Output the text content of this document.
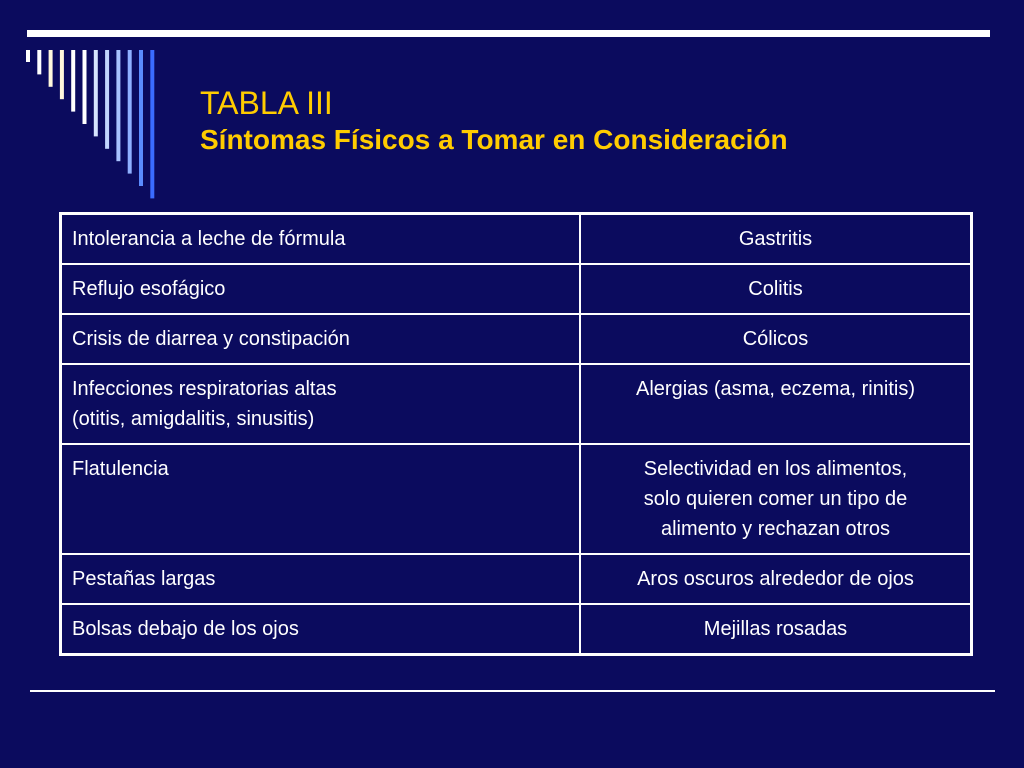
TABLA III
Síntomas Físicos a Tomar en Consideración
Intolerancia a leche de fórmula	Gastritis

Reflujo esofágico	Colitis

Crisis de diarrea y constipación	Cólicos

Infecciones respiratorias altas
(otitis, amigdalitis, sinusitis)	Alergias (asma, eczema, rinitis)

Flatulencia	Selectividad en los alimentos,
solo quieren comer un tipo de
alimento y rechazan otros

Pestañas largas	Aros oscuros alrededor de ojos

Bolsas debajo de los ojos	Mejillas rosadas
